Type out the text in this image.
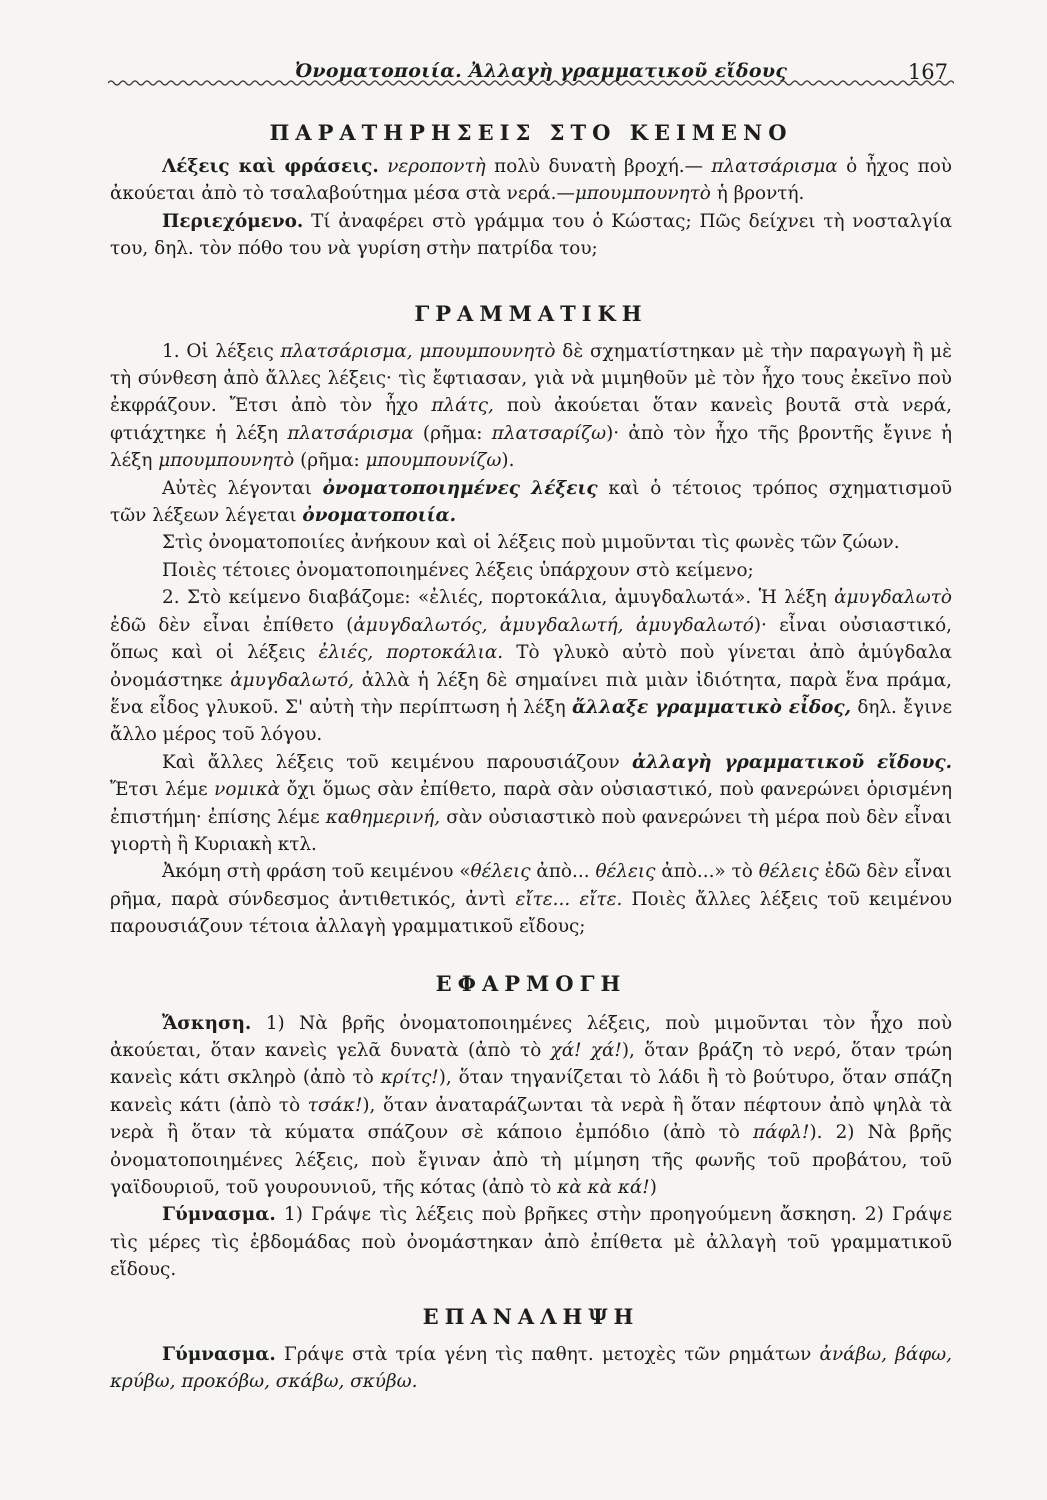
Ὀνοματοποιία. Ἀλλαγὴ γραμματικοῦ εἴδους	167
ΠΑΡΑΤΗΡΗΣΕΙΣ ΣΤΟ ΚΕΙΜΕΝΟ

Λέξεις καὶ φράσεις. νεροποντὴ πολὺ δυνατὴ βροχή.— πλατσάρισμα ὁ ἦχος ποὺ ἀκούεται ἀπὸ τὸ τσαλαβούτημα μέσα στὰ νερά.—μπουμπουνητὸ ἡ βροντή.

Περιεχόμενο. Τί ἀναφέρει στὸ γράμμα του ὁ Κώστας; Πῶς δείχνει τὴ νοσταλγία του, δηλ. τὸν πόθο του νὰ γυρίση στὴν πατρίδα του;

ΓΡΑΜΜΑΤΙΚΗ

1. Οἱ λέξεις πλατσάρισμα, μπουμπουνητὸ δὲ σχηματίστηκαν μὲ τὴν παραγωγὴ ἢ μὲ τὴ σύνθεση ἀπὸ ἄλλες λέξεις· τὶς ἔφτιασαν, γιὰ νὰ μιμηθοῦν μὲ τὸν ἦχο τους ἐκεῖνο ποὺ ἐκφράζουν. Ἔτσι ἀπὸ τὸν ἦχο πλάτς, ποὺ ἀκούεται ὅταν κανεὶς βουτᾶ στὰ νερά, φτιάχτηκε ἡ λέξη πλατσάρισμα (ρῆμα: πλατσαρίζω)· ἀπὸ τὸν ἦχο τῆς βροντῆς ἔγινε ἡ λέξη μπουμπουνητὸ (ρῆμα: μπουμπουνίζω).

Αὐτὲς λέγονται ὀνοματοποιημένες λέξεις καὶ ὁ τέτοιος τρόπος σχηματισμοῦ τῶν λέξεων λέγεται ὀνοματοποιία.

Στὶς ὀνοματοποιίες ἀνήκουν καὶ οἱ λέξεις ποὺ μιμοῦνται τὶς φωνὲς τῶν ζώων.

Ποιὲς τέτοιες ὀνοματοποιημένες λέξεις ὑπάρχουν στὸ κείμενο;

2. Στὸ κείμενο διαβάζομε: «ἐλιές, πορτοκάλια, ἀμυγδαλωτά». Ἡ λέξη ἀμυγδαλωτὸ ἐδῶ δὲν εἶναι ἐπίθετο (ἀμυγδαλωτός, ἀμυγδαλωτή, ἀμυγδαλωτό)· εἶναι οὐσιαστικό, ὅπως καὶ οἱ λέξεις ἐλιές, πορτοκάλια. Τὸ γλυκὸ αὐτὸ ποὺ γίνεται ἀπὸ ἀμύγδαλα ὀνομάστηκε ἀμυγδαλωτό, ἀλλὰ ἡ λέξη δὲ σημαίνει πιὰ μιὰν ἰδιότητα, παρὰ ἕνα πράμα, ἕνα εἶδος γλυκοῦ. Σ' αὐτὴ τὴν περίπτωση ἡ λέξη ἄλλαξε γραμματικὸ εἶδος, δηλ. ἔγινε ἄλλο μέρος τοῦ λόγου.

Καὶ ἄλλες λέξεις τοῦ κειμένου παρουσιάζουν ἀλλαγὴ γραμματικοῦ εἴδους. Ἔτσι λέμε νομικὰ ὄχι ὅμως σὰν ἐπίθετο, παρὰ σὰν οὐσιαστικό, ποὺ φανερώνει ὁρισμένη ἐπιστήμη· ἐπίσης λέμε καθημερινή, σὰν οὐσιαστικὸ ποὺ φανερώνει τὴ μέρα ποὺ δὲν εἶναι γιορτὴ ἢ Κυριακὴ κτλ.

Ἀκόμη στὴ φράση τοῦ κειμένου «θέλεις ἀπὸ... θέλεις ἀπὸ...» τὸ θέλεις ἐδῶ δὲν εἶναι ρῆμα, παρὰ σύνδεσμος ἀντιθετικός, ἀντὶ εἴτε... εἴτε. Ποιὲς ἄλλες λέξεις τοῦ κειμένου παρουσιάζουν τέτοια ἀλλαγὴ γραμματικοῦ εἴδους;

ΕΦΑΡΜΟΓΗ

Ἄσκηση. 1) Νὰ βρῆς ὀνοματοποιημένες λέξεις, ποὺ μιμοῦνται τὸν ἦχο ποὺ ἀκούεται, ὅταν κανεὶς γελᾶ δυνατὰ (ἀπὸ τὸ χά! χά!), ὅταν βράζη τὸ νερό, ὅταν τρώη κανεὶς κάτι σκληρὸ (ἀπὸ τὸ κρίτς!), ὅταν τηγανίζεται τὸ λάδι ἢ τὸ βούτυρο, ὅταν σπάζη κανεὶς κάτι (ἀπὸ τὸ τσάκ!), ὅταν ἀναταράζωνται τὰ νερὰ ἢ ὅταν πέφτουν ἀπὸ ψηλὰ τὰ νερὰ ἢ ὅταν τὰ κύματα σπάζουν σὲ κάποιο ἐμπόδιο (ἀπὸ τὸ πάφλ!). 2) Νὰ βρῆς ὀνοματοποιημένες λέξεις, ποὺ ἔγιναν ἀπὸ τὴ μίμηση τῆς φωνῆς τοῦ προβάτου, τοῦ γαϊδουριοῦ, τοῦ γουρουνιοῦ, τῆς κότας (ἀπὸ τὸ κὰ κὰ κά!)

Γύμνασμα. 1) Γράψε τὶς λέξεις ποὺ βρῆκες στὴν προηγούμενη ἄσκηση. 2) Γράψε τὶς μέρες τὶς ἑβδομάδας ποὺ ὀνομάστηκαν ἀπὸ ἐπίθετα μὲ ἀλλαγὴ τοῦ γραμματικοῦ εἴδους.

ΕΠΑΝΑΛΗΨΗ

Γύμνασμα. Γράψε στὰ τρία γένη τὶς παθητ. μετοχὲς τῶν ρημάτων ἀνάβω, βάφω, κρύβω, προκόβω, σκάβω, σκύβω.
